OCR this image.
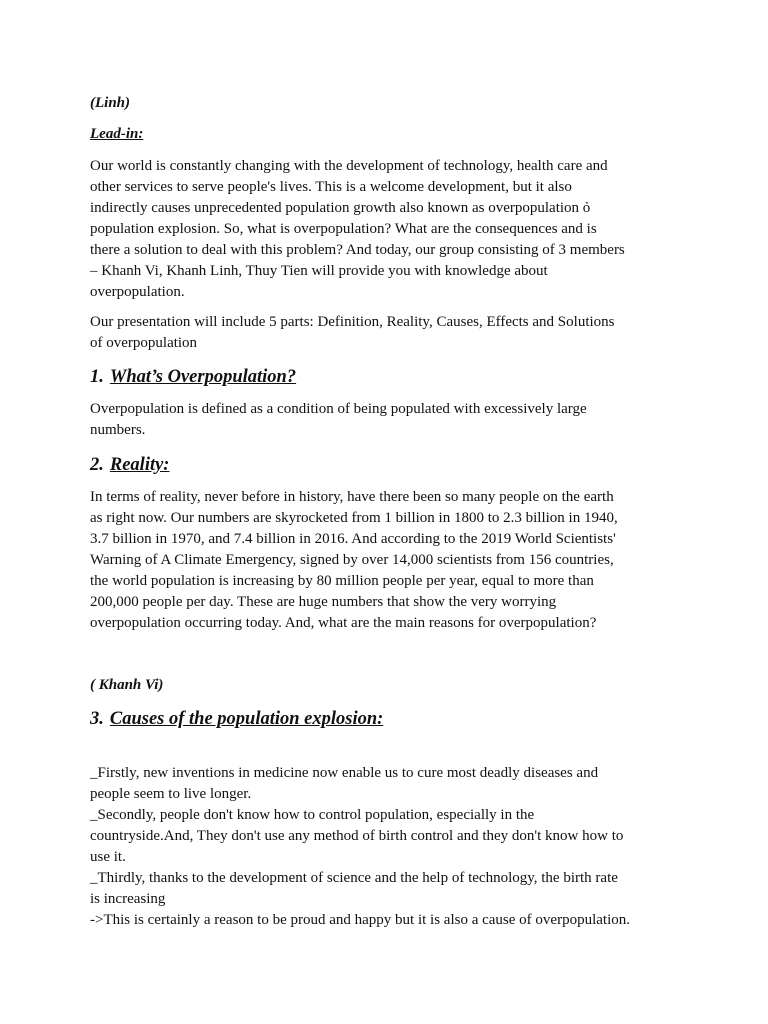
(Linh)
Lead-in:
Our world is constantly changing with the development of technology, health care and
other services to serve people's lives. This is a welcome development, but it also
indirectly causes unprecedented population growth also known as overpopulation ỏ
population explosion. So, what is overpopulation? What are the consequences and is
there a solution to deal with this problem? And today, our group consisting of 3 members
– Khanh Vi, Khanh Linh, Thuy Tien will provide you with knowledge about
overpopulation.
Our presentation will include 5 parts: Definition, Reality, Causes, Effects and Solutions
of overpopulation
1. What’s Overpopulation?
Overpopulation is defined as a condition of being populated with excessively large
numbers.
2. Reality:
In terms of reality, never before in history, have there been so many people on the earth
as right now. Our numbers are skyrocketed from 1 billion in 1800 to 2.3 billion in 1940,
3.7 billion in 1970, and 7.4 billion in 2016. And according to the 2019 World Scientists'
Warning of A Climate Emergency, signed by over 14,000 scientists from 156 countries,
the world population is increasing by 80 million people per year, equal to more than
200,000 people per day. These are huge numbers that show the very worrying
overpopulation occurring today. And, what are the main reasons for overpopulation?
( Khanh Vi)
3. Causes of the population explosion:
_Firstly, new inventions in medicine now enable us to cure most deadly diseases and
people seem to live longer.
_Secondly, people don't know how to control population, especially in the
countryside.And, They don't use any method of birth control and they don't know how to
use it.
_Thirdly, thanks to the development of science and the help of technology, the birth rate
is increasing
->This is certainly a reason to be proud and happy but it is also a cause of overpopulation.
